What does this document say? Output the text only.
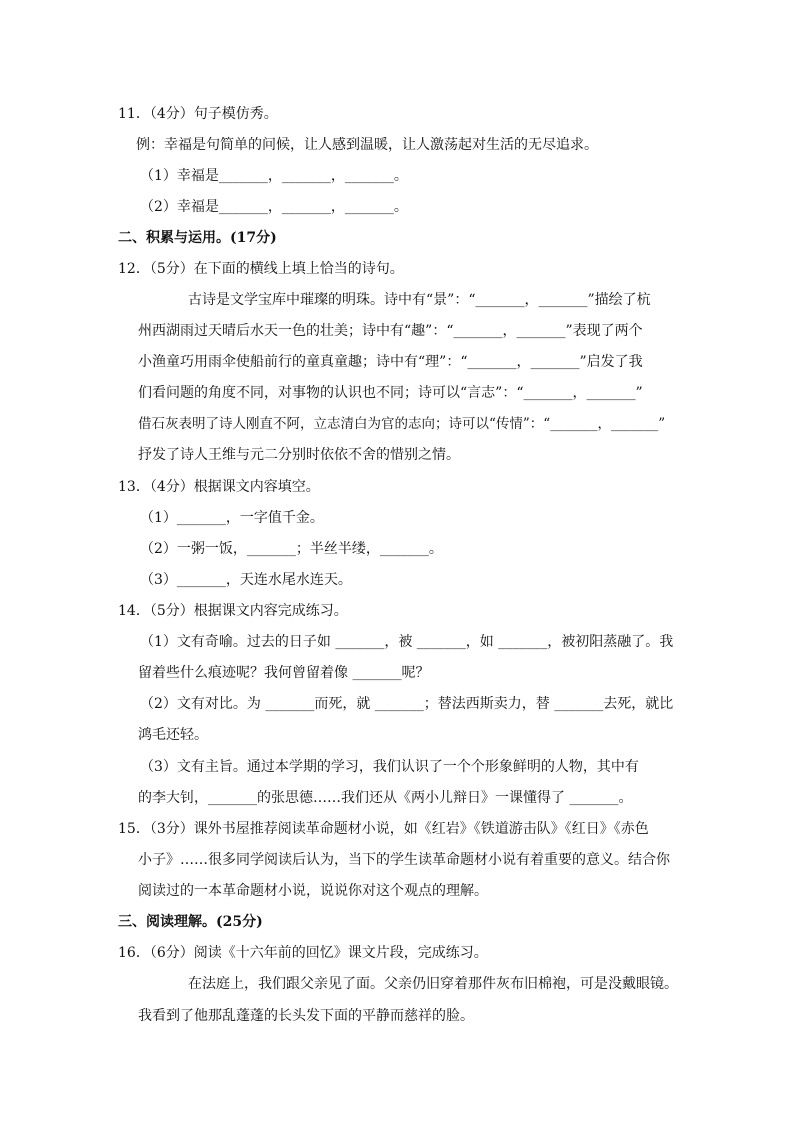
11．（4分）句子模仿秀。
例：幸福是句简单的问候，让人感到温暖，让人激荡起对生活的无尽追求。
（1）幸福是_______，_______，_______。
（2）幸福是_______，_______，_______。
二、积累与运用。(17分)
12．（5分）在下面的横线上填上恰当的诗句。
古诗是文学宝库中璀璨的明珠。诗中有“景”：“_______，_______”描绘了杭
州西湖雨过天晴后水天一色的壮美；诗中有“趣”：“_______，_______”表现了两个
小渔童巧用雨伞使船前行的童真童趣；诗中有“理”：“_______，_______”启发了我
们看问题的角度不同，对事物的认识也不同；诗可以“言志”：“_______，_______”
借石灰表明了诗人刚直不阿，立志清白为官的志向；诗可以“传情”：“_______，_______”
抒发了诗人王维与元二分别时依依不舍的惜别之情。
13．（4分）根据课文内容填空。
（1）_______，一字值千金。
（2）一粥一饭，_______；半丝半缕，_______。
（3）_______，天连水尾水连天。
14．（5分）根据课文内容完成练习。
（1）文有奇喻。过去的日子如 _______，被 _______，如 _______，被初阳蒸融了。我
留着些什么痕迹呢？我何曾留着像 _______呢？
（2）文有对比。为 _______而死，就 _______；替法西斯卖力，替 _______去死，就比
鸿毛还轻。
（3）文有主旨。通过本学期的学习，我们认识了一个个形象鲜明的人物，其中有
的李大钊，_______的张思德……我们还从《两小儿辩日》一课懂得了 _______。
15．（3分）课外书屋推荐阅读革命题材小说，如《红岩》《铁道游击队》《红日》《赤色
小子》……很多同学阅读后认为，当下的学生读革命题材小说有着重要的意义。结合你
阅读过的一本革命题材小说，说说你对这个观点的理解。
三、阅读理解。(25分)
16．（6分）阅读《十六年前的回忆》课文片段，完成练习。
在法庭上，我们跟父亲见了面。父亲仍旧穿着那件灰布旧棉袍，可是没戴眼镜。
我看到了他那乱蓬蓬的长头发下面的平静而慈祥的脸。
